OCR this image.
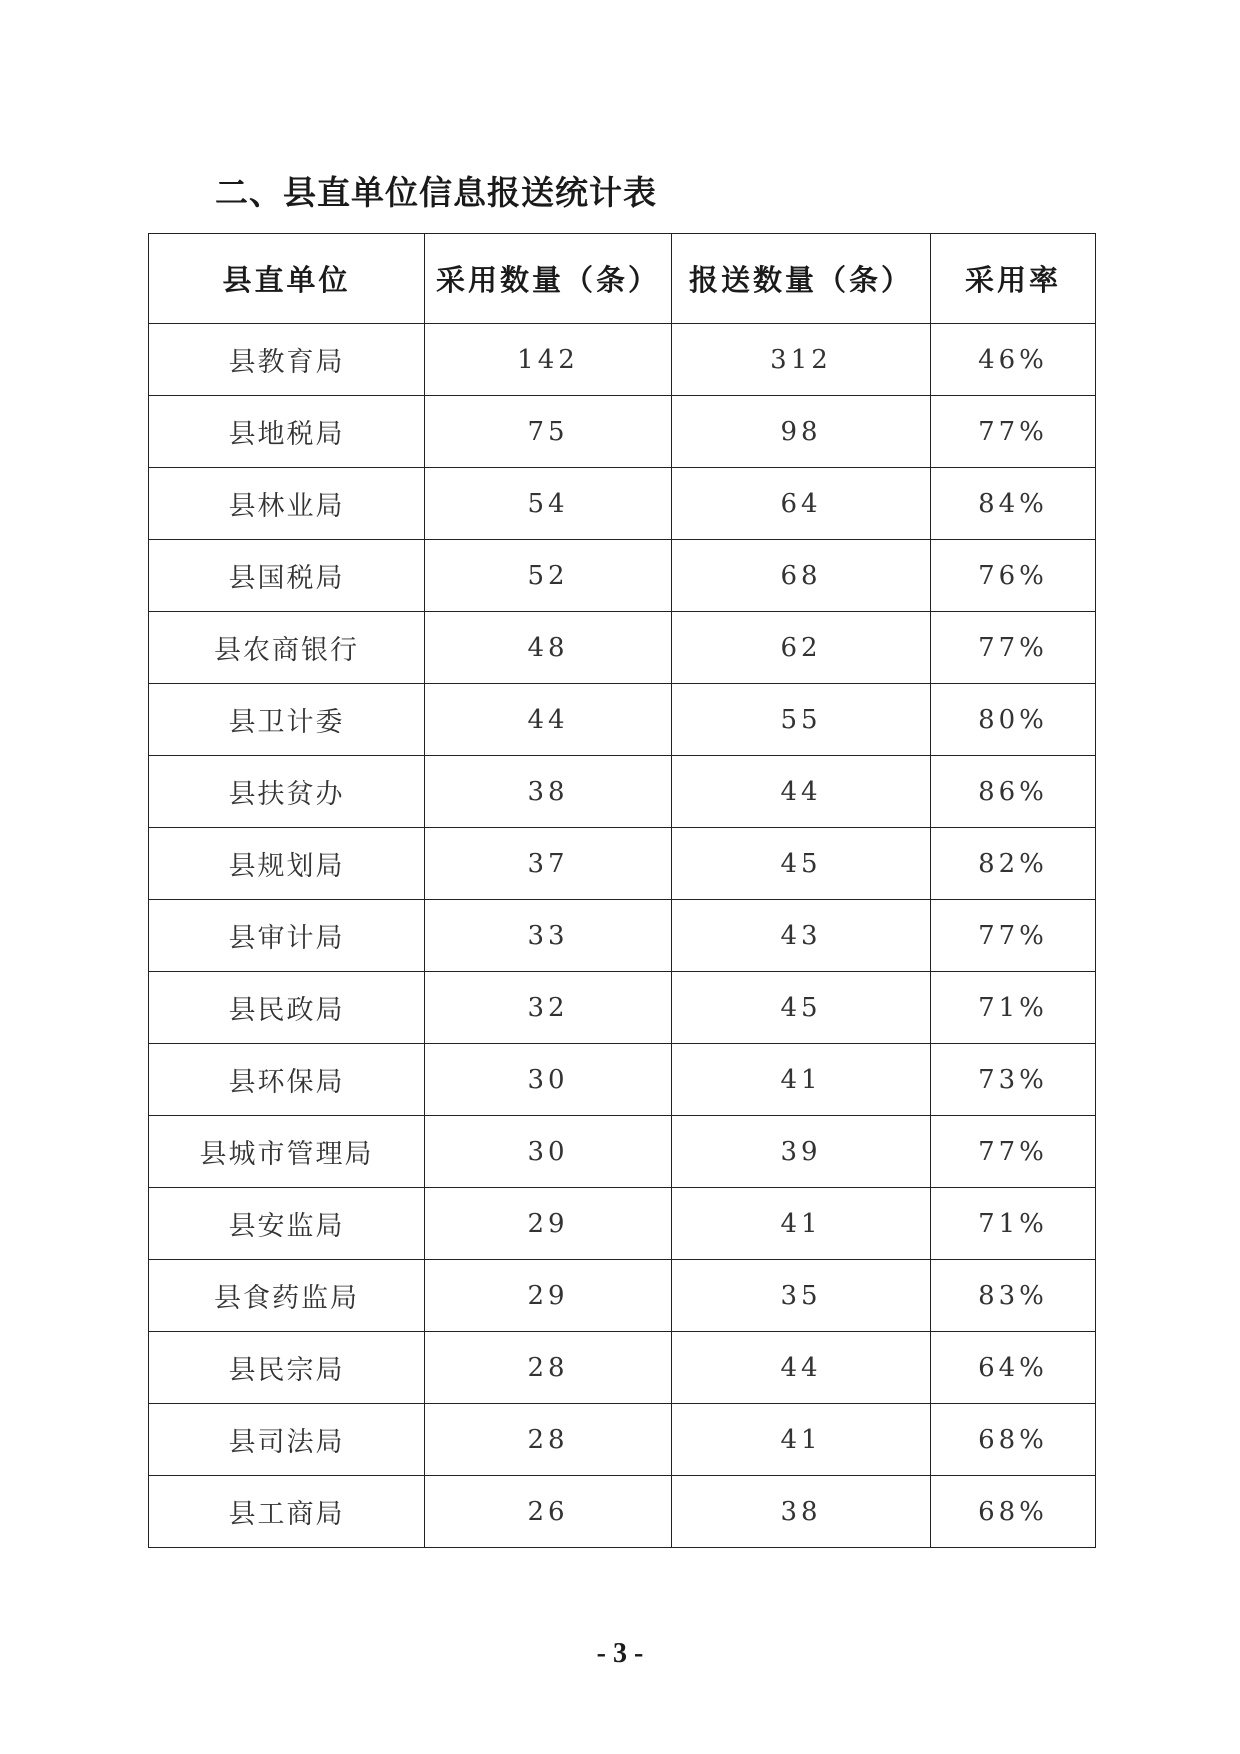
二、县直单位信息报送统计表
县直单位	采用数量（条）	报送数量（条）	采用率
县教育局	142	312	46%
县地税局	75	98	77%
县林业局	54	64	84%
县国税局	52	68	76%
县农商银行	48	62	77%
县卫计委	44	55	80%
县扶贫办	38	44	86%
县规划局	37	45	82%
县审计局	33	43	77%
县民政局	32	45	71%
县环保局	30	41	73%
县城市管理局	30	39	77%
县安监局	29	41	71%
县食药监局	29	35	83%
县民宗局	28	44	64%
县司法局	28	41	68%
县工商局	26	38	68%
- 3 -
